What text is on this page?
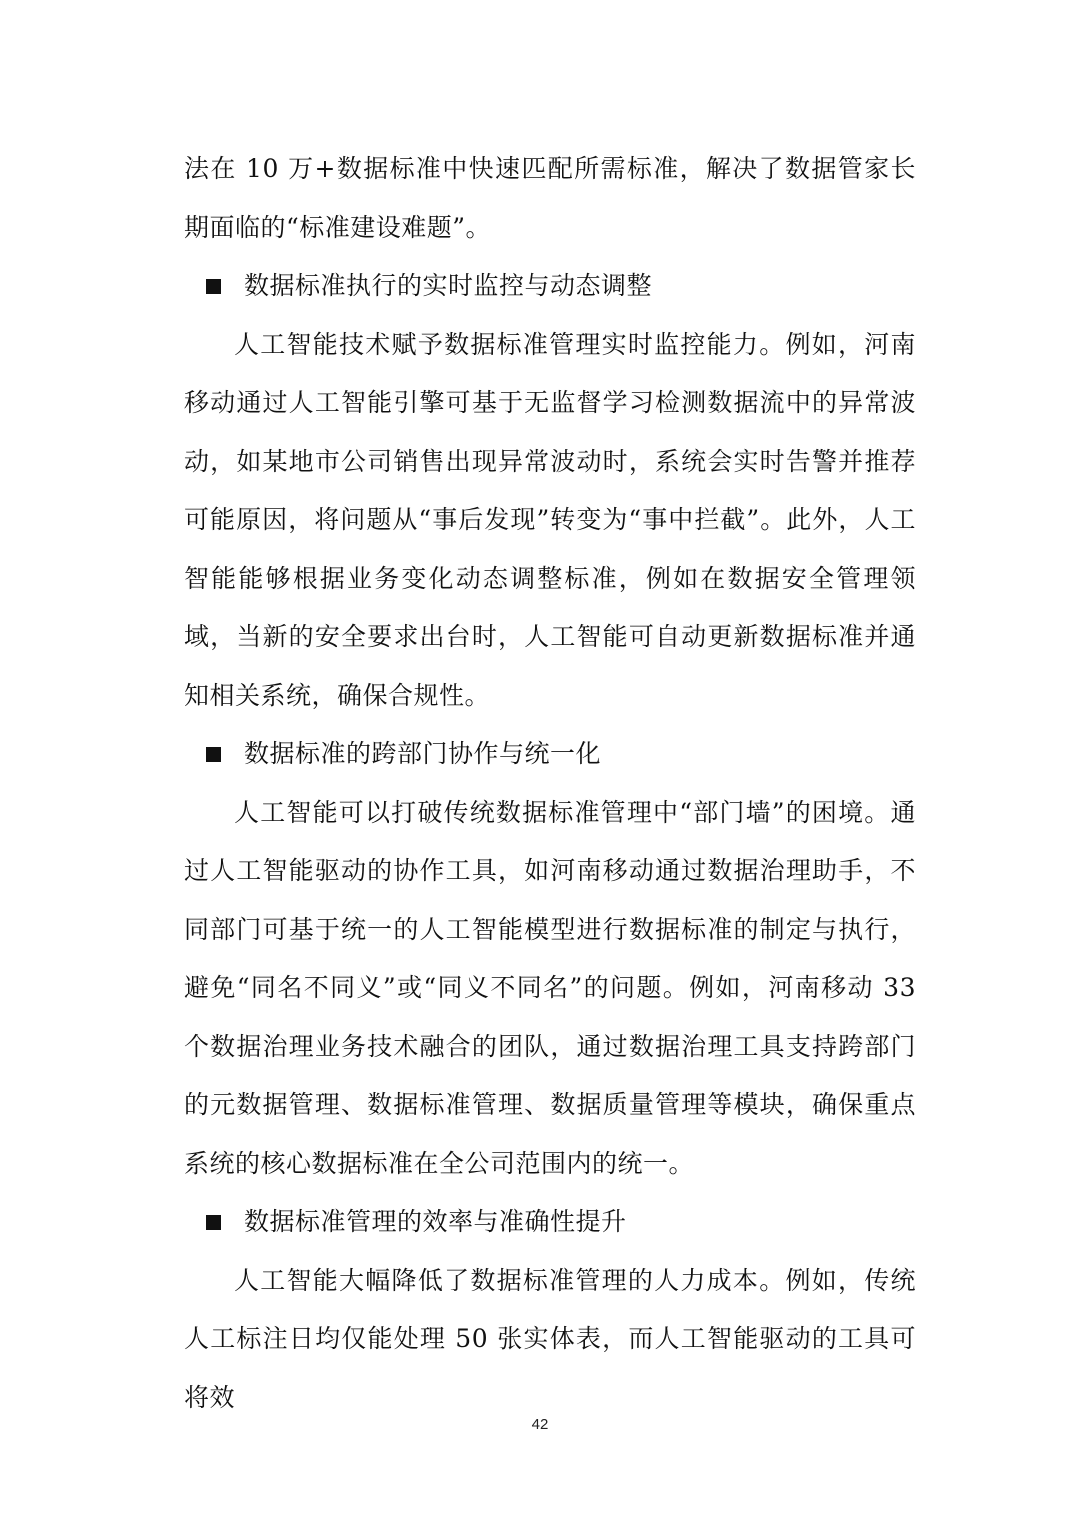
法在 10 万+数据标准中快速匹配所需标准，解决了数据管家长期面临的“标准建设难题”。

数据标准执行的实时监控与动态调整

人工智能技术赋予数据标准管理实时监控能力。例如，河南移动通过人工智能引擎可基于无监督学习检测数据流中的异常波动，如某地市公司销售出现异常波动时，系统会实时告警并推荐可能原因，将问题从“事后发现”转变为“事中拦截”。此外，人工智能能够根据业务变化动态调整标准，例如在数据安全管理领域，当新的安全要求出台时，人工智能可自动更新数据标准并通知相关系统，确保合规性。

数据标准的跨部门协作与统一化

人工智能可以打破传统数据标准管理中“部门墙”的困境。通过人工智能驱动的协作工具，如河南移动通过数据治理助手，不同部门可基于统一的人工智能模型进行数据标准的制定与执行，避免“同名不同义”或“同义不同名”的问题。例如，河南移动 33 个数据治理业务技术融合的团队，通过数据治理工具支持跨部门的元数据管理、数据标准管理、数据质量管理等模块，确保重点系统的核心数据标准在全公司范围内的统一。

数据标准管理的效率与准确性提升

人工智能大幅降低了数据标准管理的人力成本。例如，传统人工标注日均仅能处理 50 张实体表，而人工智能驱动的工具可将效

42
